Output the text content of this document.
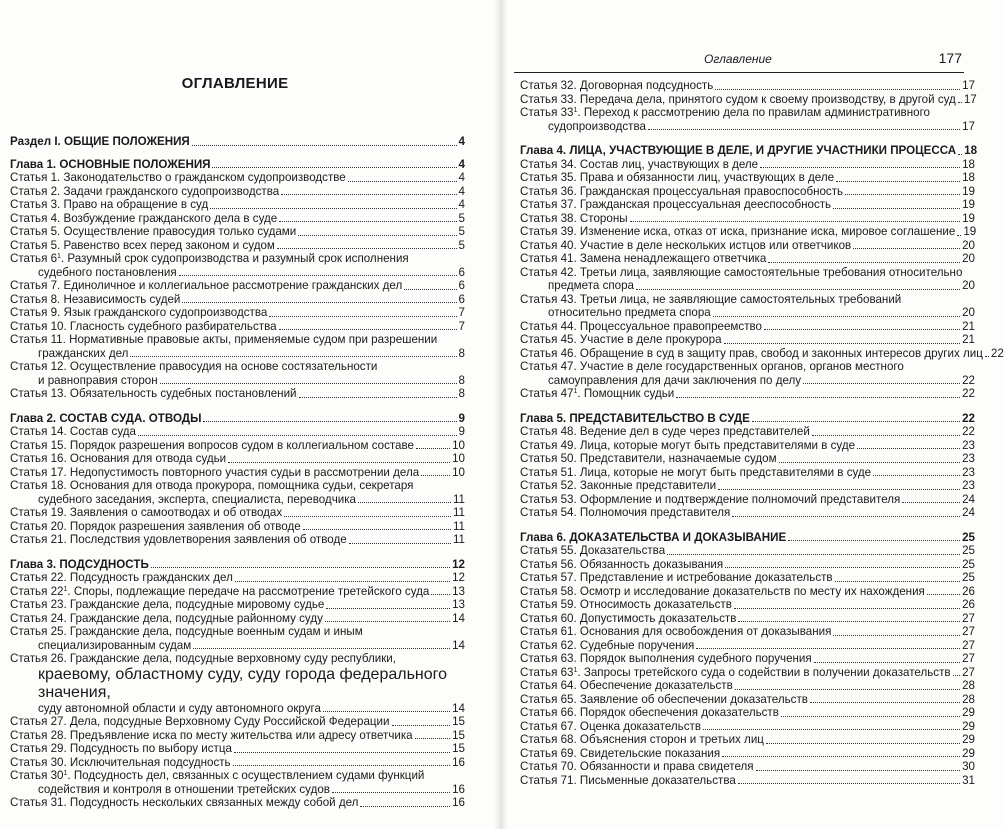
ОГЛАВЛЕНИЕ
Раздел I. ОБЩИЕ ПОЛОЖЕНИЯ	4
Глава 1. ОСНОВНЫЕ ПОЛОЖЕНИЯ	4
Статья 1. Законодательство о гражданском судопроизводстве	4
Статья 2. Задачи гражданского судопроизводства	4
Статья 3. Право на обращение в суд	4
Статья 4. Возбуждение гражданского дела в суде	5
Статья 5. Осуществление правосудия только судами	5
Статья 5. Равенство всех перед законом и судом	5
Статья $6^1$. Разумный срок судопроизводства и разумный срок исполнения
судебного постановления	6
Статья 7. Единоличное и коллегиальное рассмотрение гражданских дел	6
Статья 8. Независимость судей	6
Статья 9. Язык гражданского судопроизводства	7
Статья 10. Гласность судебного разбирательства	7
Статья 11. Нормативные правовые акты, применяемые судом при разрешении
гражданских дел	8
Статья 12. Осуществление правосудия на основе состязательности
и равноправия сторон	8
Статья 13. Обязательность судебных постановлений	8
Глава 2. СОСТАВ СУДА. ОТВОДЫ	9
Статья 14. Состав суда	9
Статья 15. Порядок разрешения вопросов судом в коллегиальном составе	10
Статья 16. Основания для отвода судьи	10
Статья 17. Недопустимость повторного участия судьи в рассмотрении дела	10
Статья 18. Основания для отвода прокурора, помощника судьи, секретаря
судебного заседания, эксперта, специалиста, переводчика	11
Статья 19. Заявления о самоотводах и об отводах	11
Статья 20. Порядок разрешения заявления об отводе	11
Статья 21. Последствия удовлетворения заявления об отводе	11
Глава 3. ПОДСУДНОСТЬ	12
Статья 22. Подсудность гражданских дел	12
Статья $22^1$. Споры, подлежащие передаче на рассмотрение третейского суда 13
Статья 23. Гражданские дела, подсудные мировому судье	13
Статья 24. Гражданские дела, подсудные районному суду	14
Статья 25. Гражданские дела, подсудные военным судам и иным
специализированным судам	14
Статья 26. Гражданские дела, подсудные верховному суду республики,
краевому, областному суду, суду города федерального значения,
суду автономной области и суду автономного округа	14
Статья 27. Дела, подсудные Верховному Суду Российской Федерации	15
Статья 28. Предъявление иска по месту жительства или адресу ответчика	15
Статья 29. Подсудность по выбору истца	15
Статья 30. Исключительная подсудность	16
Статья $30^1$. Подсудность дел, связанных с осуществлением судами функций
содействия и контроля в отношении третейских судов	16
Статья 31. Подсудность нескольких связанных между собой дел	16
Оглавление	177
Статья 32. Договорная подсудность	17
Статья 33. Передача дела, принятого судом к своему производству, в другой суд 17
Статья $33^1$. Переход к рассмотрению дела по правилам административного
судопроизводства	17
Глава 4. ЛИЦА, УЧАСТВУЮЩИЕ В ДЕЛЕ, И ДРУГИЕ УЧАСТНИКИ ПРОЦЕССА 18
Статья 34. Состав лиц, участвующих в деле	18
Статья 35. Права и обязанности лиц, участвующих в деле	18
Статья 36. Гражданская процессуальная правоспособность	19
Статья 37. Гражданская процессуальная дееспособность	19
Статья 38. Стороны	19
Статья 39. Изменение иска, отказ от иска, признание иска, мировое соглашение 19
Статья 40. Участие в деле нескольких истцов или ответчиков	20
Статья 41. Замена ненадлежащего ответчика	20
Статья 42. Третьи лица, заявляющие самостоятельные требования относительно
предмета спора	20
Статья 43. Третьи лица, не заявляющие самостоятельных требований
относительно предмета спора	20
Статья 44. Процессуальное правопреемство	21
Статья 45. Участие в деле прокурора	21
Статья 46. Обращение в суд в защиту прав, свобод и законных интересов других лиц 22
Статья 47. Участие в деле государственных органов, органов местного
самоуправления для дачи заключения по делу	22
Статья $47^1$. Помощник судьи	22
Глава 5. ПРЕДСТАВИТЕЛЬСТВО В СУДЕ	22
Статья 48. Ведение дел в суде через представителей	22
Статья 49. Лица, которые могут быть представителями в суде	23
Статья 50. Представители, назначаемые судом	23
Статья 51. Лица, которые не могут быть представителями в суде	23
Статья 52. Законные представители	23
Статья 53. Оформление и подтверждение полномочий представителя	24
Статья 54. Полномочия представителя	24
Глава 6. ДОКАЗАТЕЛЬСТВА И ДОКАЗЫВАНИЕ	25
Статья 55. Доказательства	25
Статья 56. Обязанность доказывания	25
Статья 57. Представление и истребование доказательств	25
Статья 58. Осмотр и исследование доказательств по месту их нахождения	26
Статья 59. Относимость доказательств	26
Статья 60. Допустимость доказательств	27
Статья 61. Основания для освобождения от доказывания	27
Статья 62. Судебные поручения	27
Статья 63. Порядок выполнения судебного поручения	27
Статья $63^1$. Запросы третейского суда о содействии в получении доказательств 27
Статья 64. Обеспечение доказательств	28
Статья 65. Заявление об обеспечении доказательств	28
Статья 66. Порядок обеспечения доказательств	29
Статья 67. Оценка доказательств	29
Статья 68. Объяснения сторон и третьих лиц	29
Статья 69. Свидетельские показания	29
Статья 70. Обязанности и права свидетеля	30
Статья 71. Письменные доказательства	31
